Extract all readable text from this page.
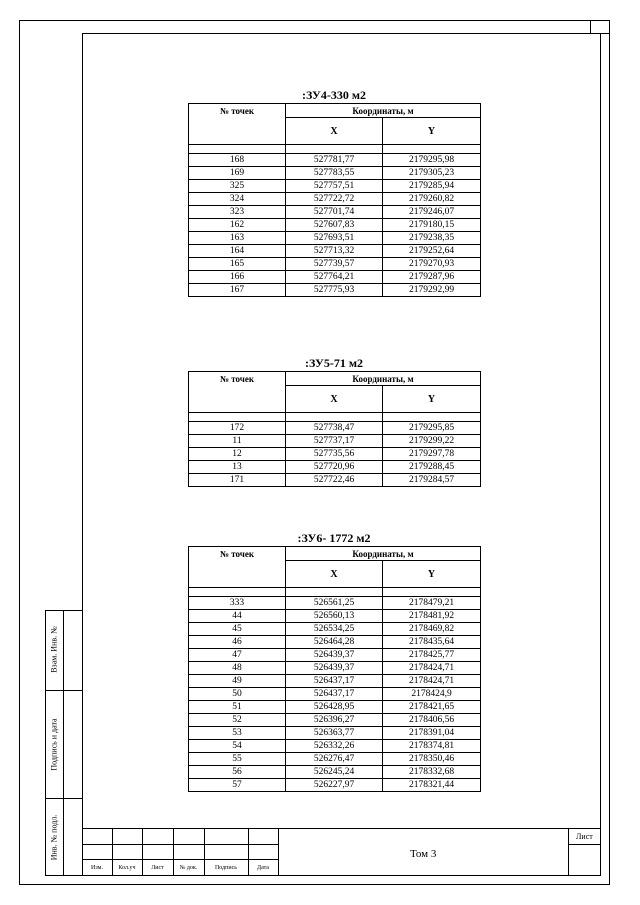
Взам. Инв. №
Подпись и дата
Инв. № подл.
:ЗУ4-330 м2
№ точек	Координаты, м	
	X	Y

168	527781,77	2179295,98
169	527783,55	2179305,23
325	527757,51	2179285,94
324	527722,72	2179260,82
323	527701,74	2179246,07
162	527607,83	2179180,15
163	527693,51	2179238,35
164	527713,32	2179252,64
165	527739,57	2179270,93
166	527764,21	2179287,96
167	527775,93	2179292,99
:ЗУ5-71 м2
№ точек	Координаты, м	
	X	Y

172	527738,47	2179295,85
11	527737,17	2179299,22
12	527735,56	2179297,78
13	527720,96	2179288,45
171	527722,46	2179284,57
:ЗУ6- 1772 м2
№ точек	Координаты, м	
	X	Y

333	526561,25	2178479,21
44	526560,13	2178481,92
45	526534,25	2178469,82
46	526464,28	2178435,64
47	526439,37	2178425,77
48	526439,37	2178424,71
49	526437,17	2178424,71
50	526437,17	2178424,9
51	526428,95	2178421,65
52	526396,27	2178406,56
53	526363,77	2178391,04
54	526332,26	2178374,81
55	526276,47	2178350,46
56	526245,24	2178332,68
57	526227,97	2178321,44
Изм.	Кол.уч	Лист	№ док.	Подпись	Дата
Лист
Том 3
